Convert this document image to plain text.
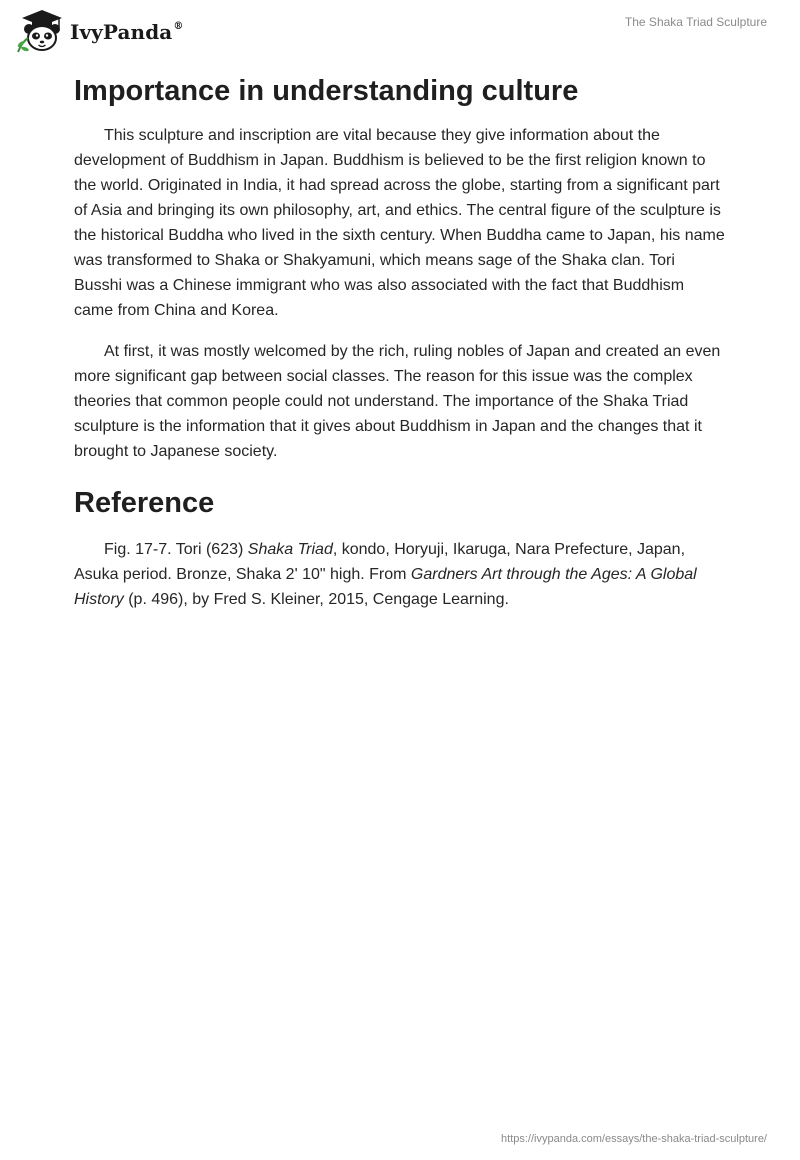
IvyPanda®	The Shaka Triad Sculpture
Importance in understanding culture

This sculpture and inscription are vital because they give information about the development of Buddhism in Japan. Buddhism is believed to be the first religion known to the world. Originated in India, it had spread across the globe, starting from a significant part of Asia and bringing its own philosophy, art, and ethics. The central figure of the sculpture is the historical Buddha who lived in the sixth century. When Buddha came to Japan, his name was transformed to Shaka or Shakyamuni, which means sage of the Shaka clan. Tori Busshi was a Chinese immigrant who was also associated with the fact that Buddhism came from China and Korea.

At first, it was mostly welcomed by the rich, ruling nobles of Japan and created an even more significant gap between social classes. The reason for this issue was the complex theories that common people could not understand. The importance of the Shaka Triad sculpture is the information that it gives about Buddhism in Japan and the changes that it brought to Japanese society.

Reference

Fig. 17-7. Tori (623) Shaka Triad, kondo, Horyuji, Ikaruga, Nara Prefecture, Japan, Asuka period. Bronze, Shaka 2' 10" high. From Gardners Art through the Ages: A Global History (p. 496), by Fred S. Kleiner, 2015, Cengage Learning.

https://ivypanda.com/essays/the-shaka-triad-sculpture/
